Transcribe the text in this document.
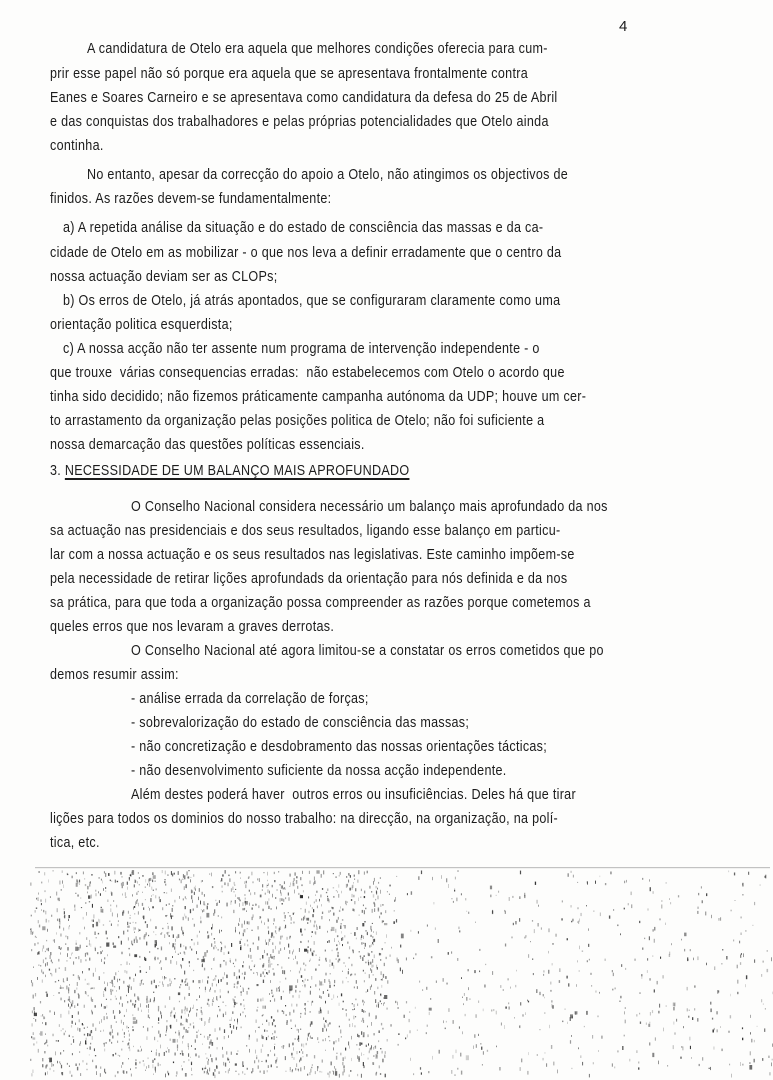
4
A candidatura de Otelo era aquela que melhores condições oferecia para cum-
prir esse papel não só porque era aquela que se apresentava frontalmente contra
Eanes e Soares Carneiro e se apresentava como candidatura da defesa do 25 de Abril
e das conquistas dos trabalhadores e pelas próprias potencialidades que Otelo ainda
continha.
No entanto, apesar da correcção do apoio a Otelo, não atingimos os objectivos de
finidos. As razões devem-se fundamentalmente:
a) A repetida análise da situação e do estado de consciência das massas e da ca-
cidade de Otelo em as mobilizar - o que nos leva a definir erradamente que o centro da
nossa actuação deviam ser as CLOPs;
b) Os erros de Otelo, já atrás apontados, que se configuraram claramente como uma
orientação politica esquerdista;
c) A nossa acção não ter assente num programa de intervenção independente - o
que trouxe  várias consequencias erradas:  não estabelecemos com Otelo o acordo que
tinha sido decidido; não fizemos práticamente campanha autónoma da UDP; houve um cer-
to arrastamento da organização pelas posições politica de Otelo; não foi suficiente a
nossa demarcação das questões políticas essenciais.
3. NECESSIDADE DE UM BALANÇO MAIS APROFUNDADO
O Conselho Nacional considera necessário um balanço mais aprofundado da nos
sa actuação nas presidenciais e dos seus resultados, ligando esse balanço em particu-
lar com a nossa actuação e os seus resultados nas legislativas. Este caminho impõem-se
pela necessidade de retirar lições aprofundads da orientação para nós definida e da nos
sa prática, para que toda a organização possa compreender as razões porque cometemos a
queles erros que nos levaram a graves derrotas.
O Conselho Nacional até agora limitou-se a constatar os erros cometidos que po
demos resumir assim:
- análise errada da correlação de forças;
- sobrevalorização do estado de consciência das massas;
- não concretização e desdobramento das nossas orientações tácticas;
- não desenvolvimento suficiente da nossa acção independente.
Além destes poderá haver  outros erros ou insuficiências. Deles há que tirar
lições para todos os dominios do nosso trabalho: na direcção, na organização, na polí-
tica, etc.
